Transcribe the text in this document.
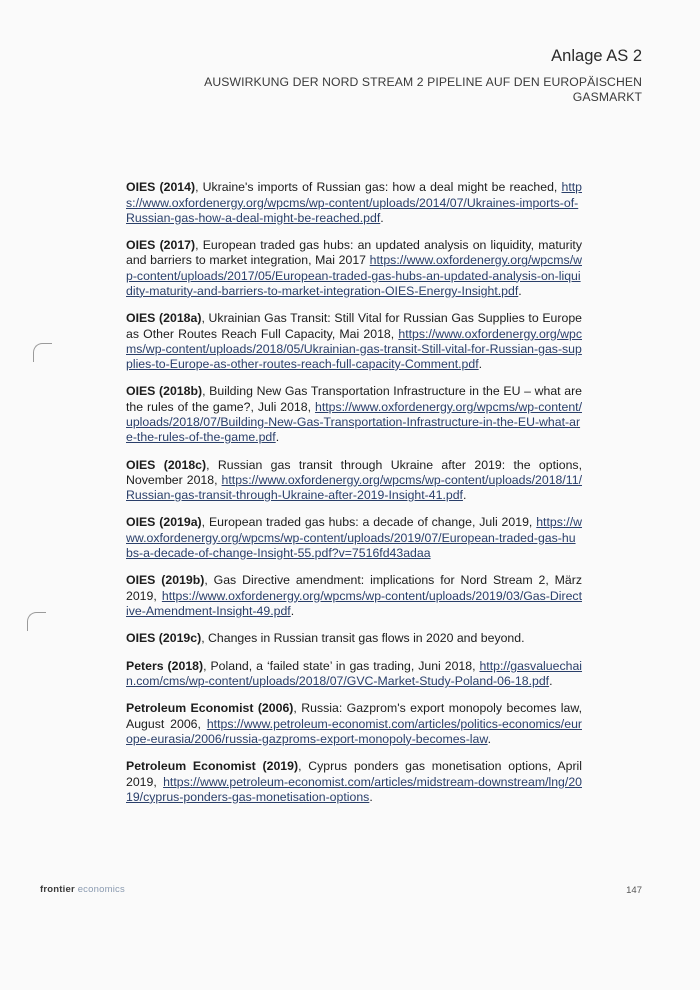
Anlage AS 2
AUSWIRKUNG DER NORD STREAM 2 PIPELINE AUF DEN EUROPÄISCHEN GASMARKT

OIES (2014), Ukraine's imports of Russian gas: how a deal might be reached, https://www.oxfordenergy.org/wpcms/wp-content/uploads/2014/07/Ukraines-imports-of-Russian-gas-how-a-deal-might-be-reached.pdf.

OIES (2017), European traded gas hubs: an updated analysis on liquidity, maturity and barriers to market integration, Mai 2017 https://www.oxfordenergy.org/wpcms/wp-content/uploads/2017/05/European-traded-gas-hubs-an-updated-analysis-on-liquidity-maturity-and-barriers-to-market-integration-OIES-Energy-Insight.pdf.

OIES (2018a), Ukrainian Gas Transit: Still Vital for Russian Gas Supplies to Europe as Other Routes Reach Full Capacity, Mai 2018, https://www.oxfordenergy.org/wpcms/wp-content/uploads/2018/05/Ukrainian-gas-transit-Still-vital-for-Russian-gas-supplies-to-Europe-as-other-routes-reach-full-capacity-Comment.pdf.

OIES (2018b), Building New Gas Transportation Infrastructure in the EU – what are the rules of the game?, Juli 2018, https://www.oxfordenergy.org/wpcms/wp-content/uploads/2018/07/Building-New-Gas-Transportation-Infrastructure-in-the-EU-what-are-the-rules-of-the-game.pdf.

OIES (2018c), Russian gas transit through Ukraine after 2019: the options, November 2018, https://www.oxfordenergy.org/wpcms/wp-content/uploads/2018/11/Russian-gas-transit-through-Ukraine-after-2019-Insight-41.pdf.

OIES (2019a), European traded gas hubs: a decade of change, Juli 2019, https://www.oxfordenergy.org/wpcms/wp-content/uploads/2019/07/European-traded-gas-hubs-a-decade-of-change-Insight-55.pdf?v=7516fd43adaa

OIES (2019b), Gas Directive amendment: implications for Nord Stream 2, März 2019, https://www.oxfordenergy.org/wpcms/wp-content/uploads/2019/03/Gas-Directive-Amendment-Insight-49.pdf.

OIES (2019c), Changes in Russian transit gas flows in 2020 and beyond.

Peters (2018), Poland, a ‘failed state’ in gas trading, Juni 2018, http://gasvaluechain.com/cms/wp-content/uploads/2018/07/GVC-Market-Study-Poland-06-18.pdf.

Petroleum Economist (2006), Russia: Gazprom's export monopoly becomes law, August 2006, https://www.petroleum-economist.com/articles/politics-economics/europe-eurasia/2006/russia-gazproms-export-monopoly-becomes-law.

Petroleum Economist (2019), Cyprus ponders gas monetisation options, April 2019, https://www.petroleum-economist.com/articles/midstream-downstream/lng/2019/cyprus-ponders-gas-monetisation-options.

frontier economics	147
